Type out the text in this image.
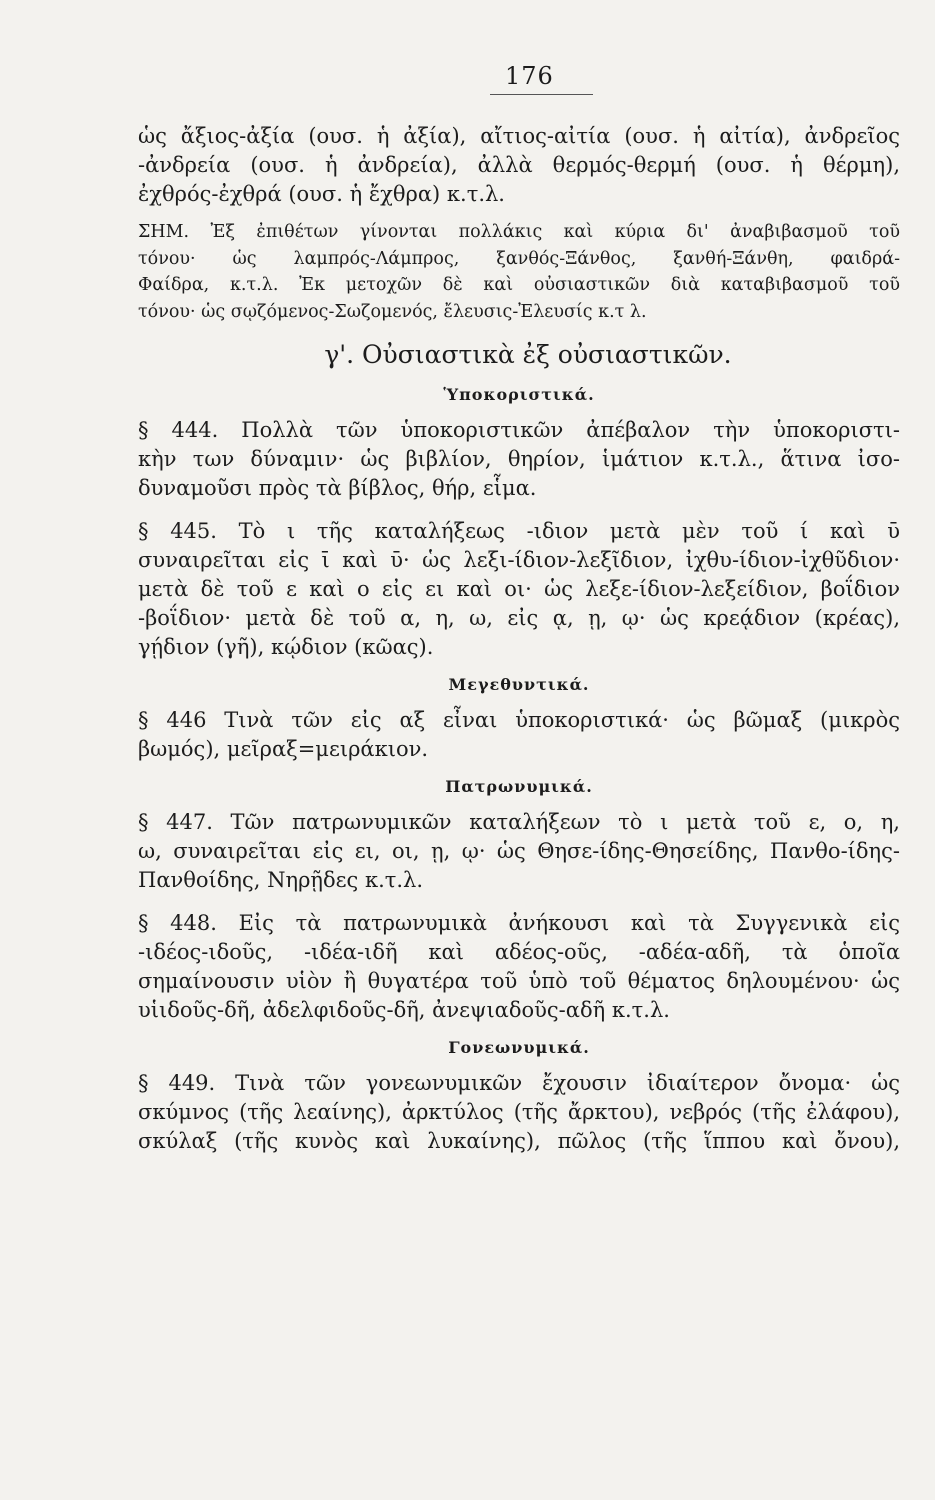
176
ὡς ἄξιος-ἀξία (ουσ. ἡ ἀξία), αἴτιος-αἰτία (ουσ. ἡ αἰτία), ἀνδρεῖος
-ἀνδρεία (ουσ. ἡ ἀνδρεία), ἀλλὰ θερμός-θερμή (ουσ. ἡ θέρμη),
ἐχθρός-ἐχθρά (ουσ. ἡ ἔχθρα) κ.τ.λ.
ΣΗΜ. Ἐξ ἐπιθέτων γίνονται πολλάκις καὶ κύρια δι' ἀναβιβασμοῦ τοῦ
τόνου· ὡς λαμπρός-Λάμπρος, ξανθός-Ξάνθος, ξανθή-Ξάνθη, φαιδρά-
Φαίδρα, κ.τ.λ. Ἐκ μετοχῶν δὲ καὶ οὐσιαστικῶν διὰ καταβιβασμοῦ τοῦ
τόνου· ὡς σῳζόμενος-Σωζομενός, ἔλευσις-Ἐλευσίς κ.τ λ.
γ'. Οὐσιαστικὰ ἐξ οὐσιαστικῶν.
Ὑποκοριστικά.
§ 444. Πολλὰ τῶν ὑποκοριστικῶν ἀπέβαλον τὴν ὑποκοριστι-
κὴν των δύναμιν· ὡς βιβλίον, θηρίον, ἱμάτιον κ.τ.λ., ἅτινα ἰσο-
δυναμοῦσι πρὸς τὰ βίβλος, θήρ, εἷμα.
§ 445. Τὸ ι τῆς καταλήξεως -ιδιον μετὰ μὲν τοῦ ί καὶ ῡ
συναιρεῖται εἰς ῑ καὶ ῡ· ὡς λεξι-ίδιον-λεξῖδιον, ἰχθυ-ίδιον-ἰχθῦδιον·
μετὰ δὲ τοῦ ε καὶ ο εἰς ει καὶ οι· ὡς λεξε-ίδιον-λεξείδιον, βοΐδιον
-βοΐδιον· μετὰ δὲ τοῦ α, η, ω, εἰς ᾳ, ῃ, ῳ· ὡς κρεᾴδιον (κρέας),
γῄδιον (γῆ), κῴδιον (κῶας).
Μεγεθυντικά.
§ 446 Τινὰ τῶν εἰς αξ εἶναι ὑποκοριστικά· ὡς βῶμαξ (μικρὸς
βωμός), μεῖραξ=μειράκιον.
Πατρωνυμικά.
§ 447. Τῶν πατρωνυμικῶν καταλήξεων τὸ ι μετὰ τοῦ ε, ο, η,
ω, συναιρεῖται εἰς ει, οι, ῃ, ῳ· ὡς Θησε-ίδης-Θησείδης, Πανθο-ίδης-
Πανθοίδης, Νηρῇδες κ.τ.λ.
§ 448. Εἰς τὰ πατρωνυμικὰ ἀνήκουσι καὶ τὰ Συγγενικὰ εἰς
-ιδέος-ιδοῦς, -ιδέα-ιδῆ καὶ αδέος-οῦς, -αδέα-αδῆ, τὰ ὁποῖα
σημαίνουσιν υἱὸν ἢ θυγατέρα τοῦ ὑπὸ τοῦ θέματος δηλουμένου· ὡς
υἱιδοῦς-δῆ, ἀδελφιδοῦς-δῆ, ἀνεψιαδοῦς-αδῆ κ.τ.λ.
Γονεωνυμικά.
§ 449. Τινὰ τῶν γονεωνυμικῶν ἔχουσιν ἰδιαίτερον ὄνομα· ὡς
σκύμνος (τῆς λεαίνης), ἀρκτύλος (τῆς ἄρκτου), νεβρός (τῆς ἐλάφου),
σκύλαξ (τῆς κυνὸς καὶ λυκαίνης), πῶλος (τῆς ἵππου καὶ ὄνου),
